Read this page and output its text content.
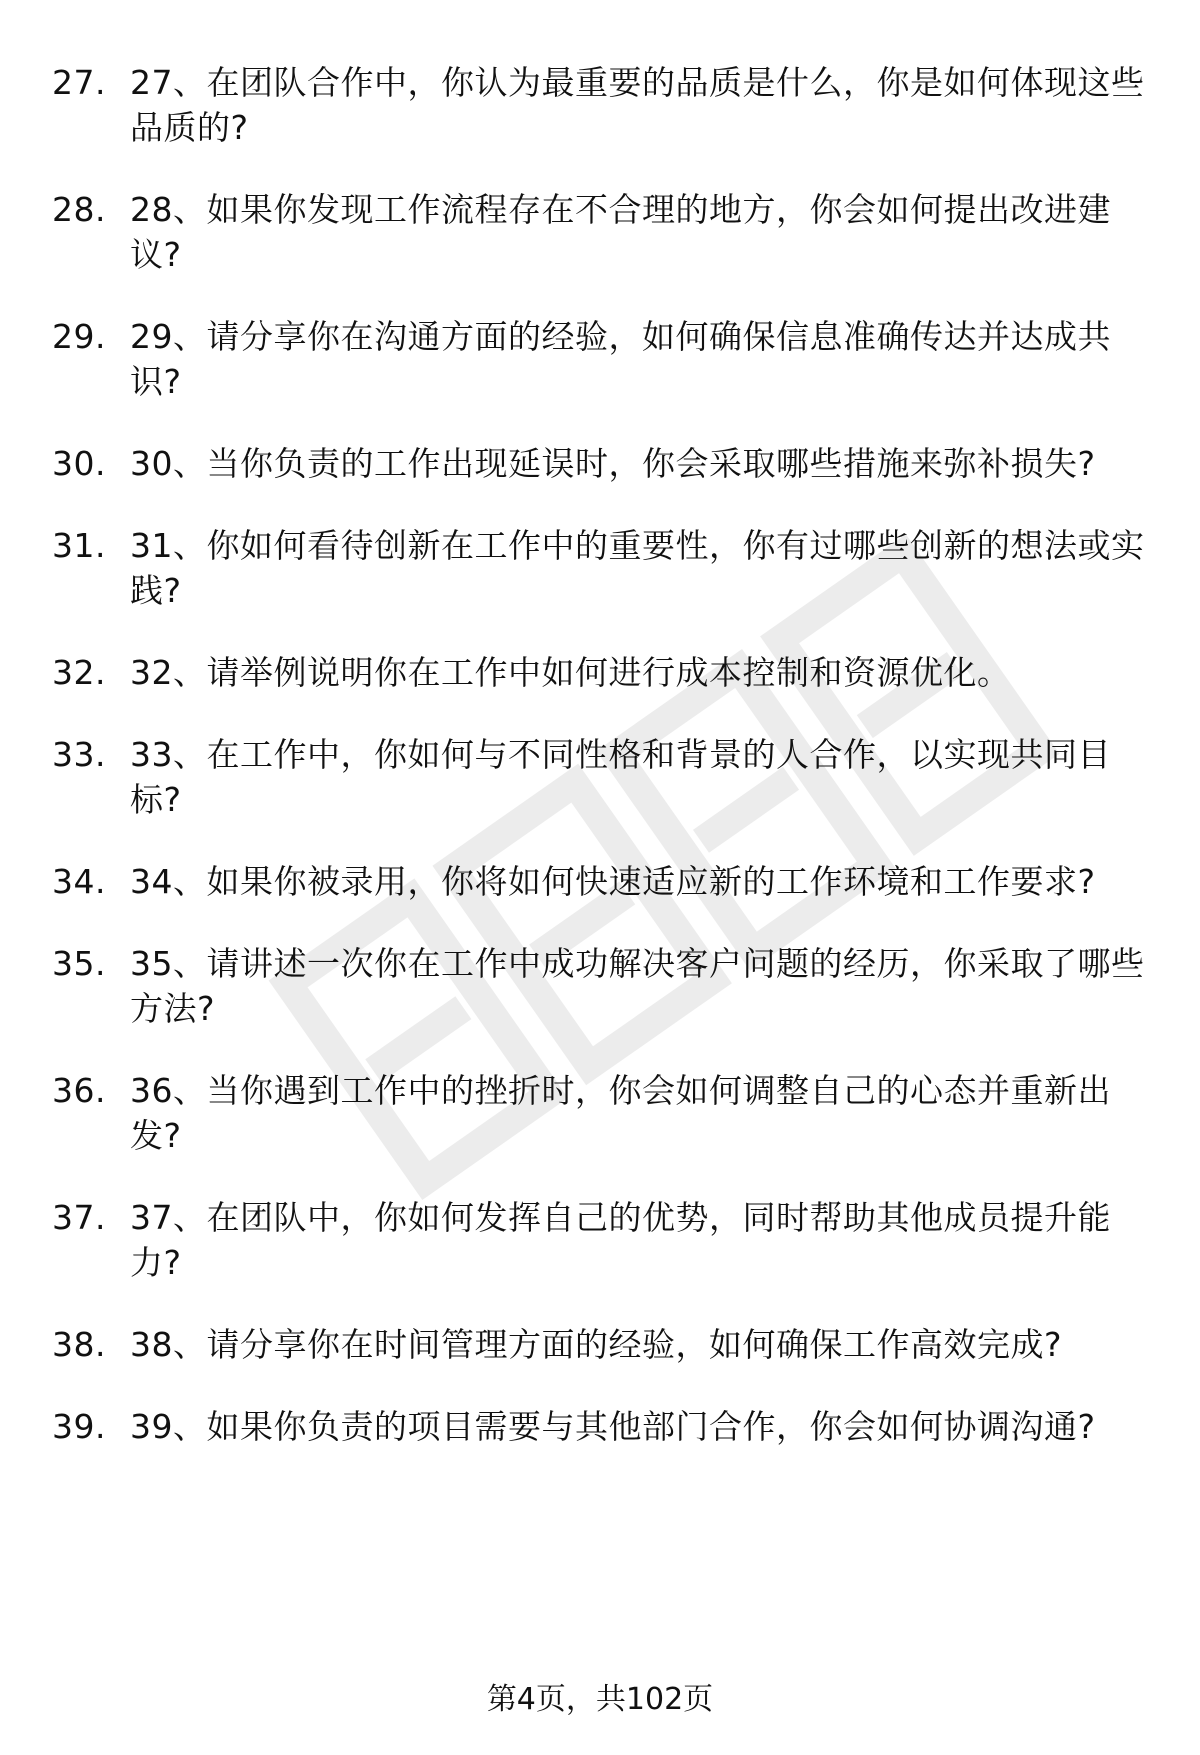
27. 27、在团队合作中，你认为最重要的品质是什么，你是如何体现这些品质的?
28. 28、如果你发现工作流程存在不合理的地方，你会如何提出改进建议?
29. 29、请分享你在沟通方面的经验，如何确保信息准确传达并达成共识?
30. 30、当你负责的工作出现延误时，你会采取哪些措施来弥补损失?
31. 31、你如何看待创新在工作中的重要性，你有过哪些创新的想法或实践?
32. 32、请举例说明你在工作中如何进行成本控制和资源优化。
33. 33、在工作中，你如何与不同性格和背景的人合作，以实现共同目标?
34. 34、如果你被录用，你将如何快速适应新的工作环境和工作要求?
35. 35、请讲述一次你在工作中成功解决客户问题的经历，你采取了哪些方法?
36. 36、当你遇到工作中的挫折时，你会如何调整自己的心态并重新出发?
37. 37、在团队中，你如何发挥自己的优势，同时帮助其他成员提升能力?
38. 38、请分享你在时间管理方面的经验，如何确保工作高效完成?
39. 39、如果你负责的项目需要与其他部门合作，你会如何协调沟通?
第4页，共102页
